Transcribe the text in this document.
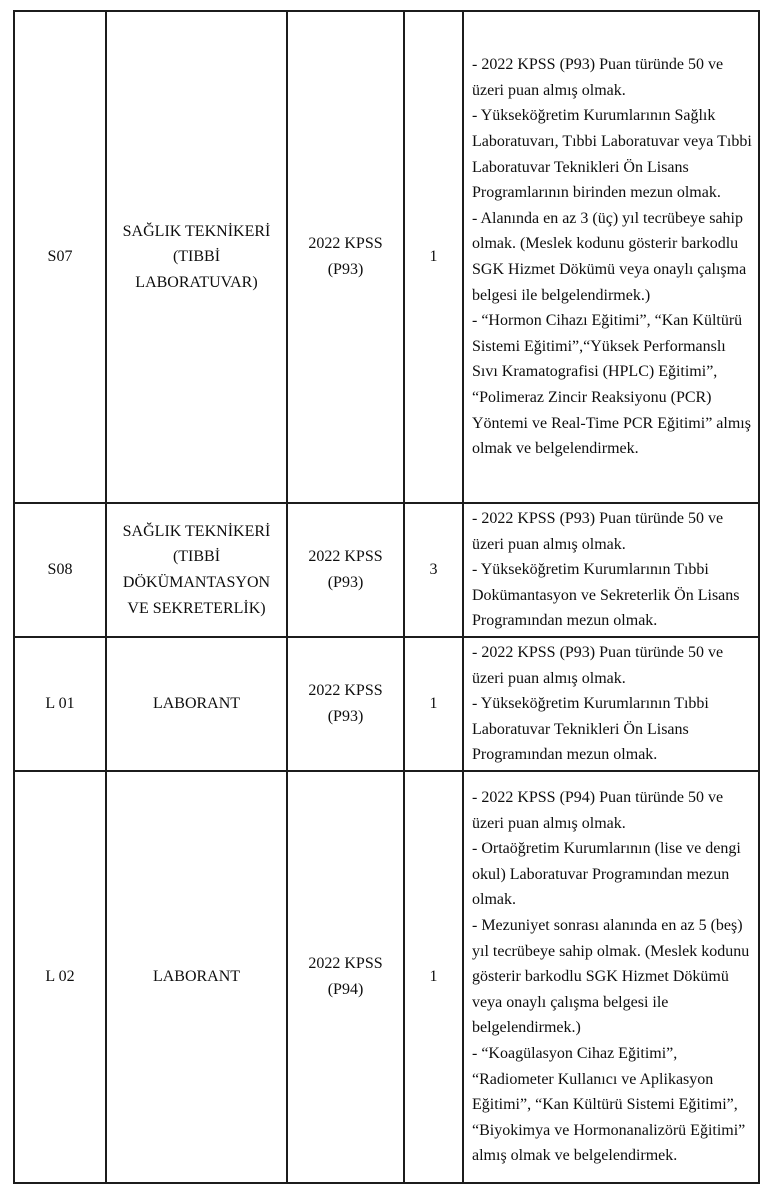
S07	SAĞLIK TEKNİKERİ (TIBBİ LABORATUVAR)	2022 KPSS (P93)	1	- 2022 KPSS (P93) Puan türünde 50 ve üzeri puan almış olmak.

- Yükseköğretim Kurumlarının Sağlık Laboratuvarı, Tıbbi Laboratuvar veya Tıbbi Laboratuvar Teknikleri Ön Lisans Programlarının birinden mezun olmak.

- Alanında en az 3 (üç) yıl tecrübeye sahip olmak. (Meslek kodunu gösterir barkodlu SGK Hizmet Dökümü veya onaylı çalışma belgesi ile belgelendirmek.)

- “Hormon Cihazı Eğitimi”, “Kan Kültürü Sistemi Eğitimi”,“Yüksek Performanslı Sıvı Kramatografisi (HPLC) Eğitimi”, “Polimeraz Zincir Reaksiyonu (PCR) Yöntemi ve Real-Time PCR Eğitimi” almış olmak ve belgelendirmek.

S08	SAĞLIK TEKNİKERİ (TIBBİ DÖKÜMANTASYON VE SEKRETERLİK)	2022 KPSS (P93)	3	- 2022 KPSS (P93) Puan türünde 50 ve üzeri puan almış olmak.

- Yükseköğretim Kurumlarının Tıbbi Dokümantasyon ve Sekreterlik Ön Lisans Programından mezun olmak.

L 01	LABORANT	2022 KPSS (P93)	1	- 2022 KPSS (P93) Puan türünde 50 ve üzeri puan almış olmak.

- Yükseköğretim Kurumlarının Tıbbi Laboratuvar Teknikleri Ön Lisans Programından mezun olmak.

L 02	LABORANT	2022 KPSS (P94)	1	- 2022 KPSS (P94) Puan türünde 50 ve üzeri puan almış olmak.

- Ortaöğretim Kurumlarının (lise ve dengi okul) Laboratuvar Programından mezun olmak.

- Mezuniyet sonrası alanında en az 5 (beş) yıl tecrübeye sahip olmak. (Meslek kodunu gösterir barkodlu SGK Hizmet Dökümü veya onaylı çalışma belgesi ile belgelendirmek.)

- “Koagülasyon Cihaz Eğitimi”, “Radiometer Kullanıcı ve Aplikasyon Eğitimi”, “Kan Kültürü Sistemi Eğitimi”, “Biyokimya ve Hormonanalizörü Eğitimi” almış olmak ve belgelendirmek.
